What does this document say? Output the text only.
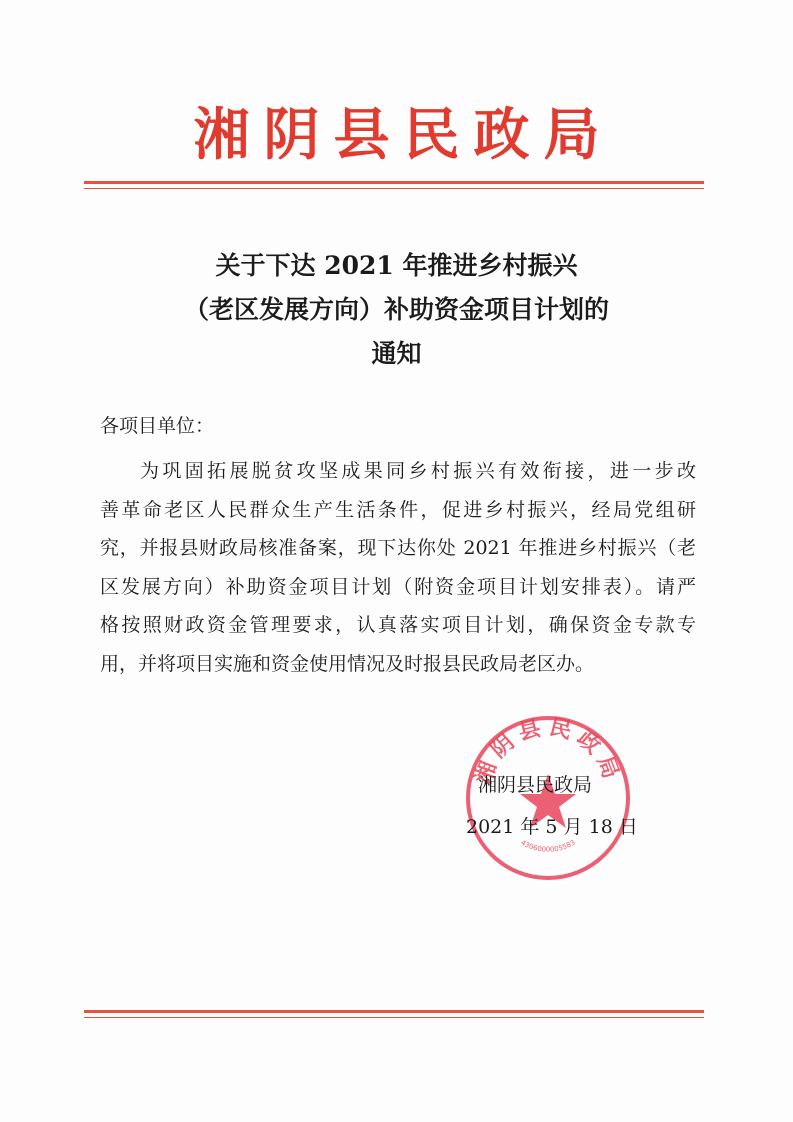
湘阴县民政局
关于下达 2021 年推进乡村振兴
（老区发展方向）补助资金项目计划的
通知
各项目单位：
为巩固拓展脱贫攻坚成果同乡村振兴有效衔接，进一步改
善革命老区人民群众生产生活条件，促进乡村振兴，经局党组研
究，并报县财政局核准备案，现下达你处 2021 年推进乡村振兴（老
区发展方向）补助资金项目计划（附资金项目计划安排表）。请严
格按照财政资金管理要求，认真落实项目计划，确保资金专款专
用，并将项目实施和资金使用情况及时报县民政局老区办。
湘阴县民政局
4306000005583
湘阴县民政局
2021 年 5 月 18 日
